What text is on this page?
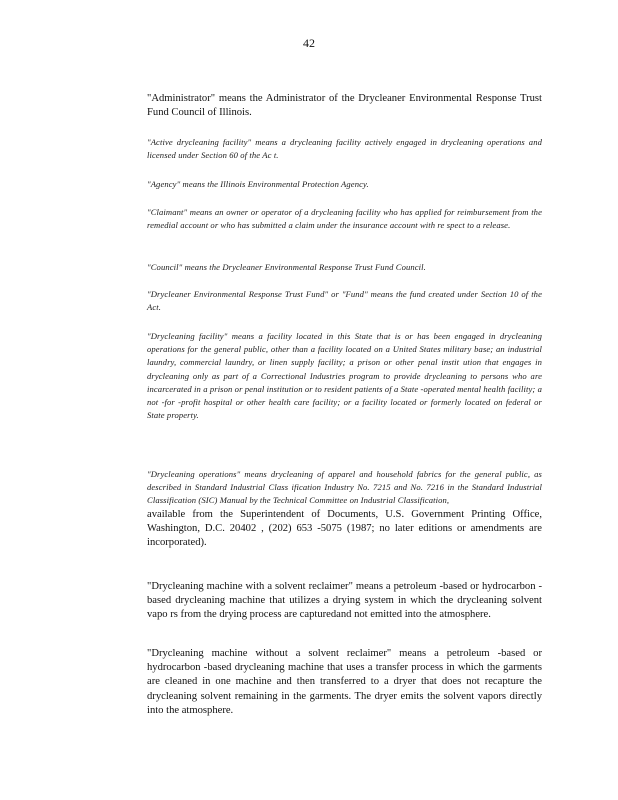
42

"Administrator" means the Administrator of the Drycleaner Environmental Response Trust Fund Council of Illinois.

"Active drycleaning facility" means a drycleaning facility actively engaged in drycleaning operations and licensed under Section 60 of the Ac t.

"Agency" means the Illinois Environmental Protection Agency.

"Claimant" means an owner or operator of a drycleaning facility who has applied for reimbursement from the remedial account or who has submitted a claim under the insurance account with re spect to a release.

"Council" means the Drycleaner Environmental Response Trust Fund Council.

"Drycleaner Environmental Response Trust Fund" or "Fund" means the fund created under Section 10 of the Act.

"Drycleaning facility" means a facility located in this State that is or has been engaged in drycleaning operations for the general public, other than a facility located on a United States military base; an industrial laundry, commercial laundry, or linen supply facility; a prison or other penal instit ution that engages in drycleaning only as part of a Correctional Industries program to provide drycleaning to persons who are incarcerated in a prison or penal institution or to resident patients of a State -operated mental health facility; a not -for -profit hospital or other health care facility; or a facility located or formerly located on federal or State property.

"Drycleaning operations" means drycleaning of apparel and household fabrics for the general public, as described in Standard Industrial Class ification Industry No. 7215 and No. 7216 in the Standard Industrial Classification (SIC) Manual by the Technical Committee on Industrial Classification,
available from the Superintendent of Documents, U.S. Government Printing Office, Washington, D.C. 20402 , (202) 653 -5075 (1987; no later editions or amendments are incorporated).

"Drycleaning machine with a solvent reclaimer" means a petroleum -based or hydrocarbon -based drycleaning machine that utilizes a drying system in which the drycleaning solvent vapo rs from the drying process are capturedand not emitted into the atmosphere.

"Drycleaning machine without a solvent reclaimer" means a petroleum -based or hydrocarbon -based drycleaning machine that uses a transfer process in which the garments are cleaned in one machine and then transferred to a dryer that does not recapture the drycleaning solvent remaining in the garments. The dryer emits the solvent vapors directly into the atmosphere.
